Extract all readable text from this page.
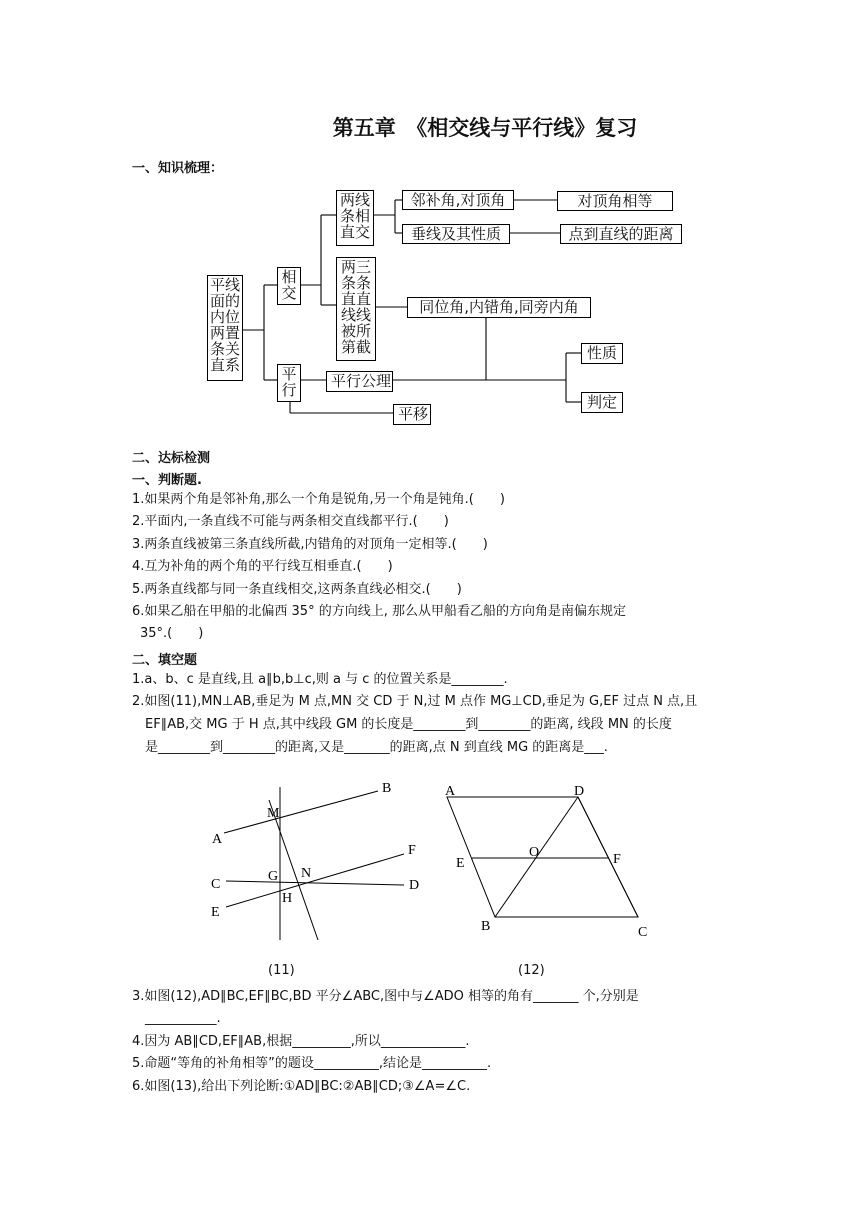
第五章　《相交线与平行线》复习
一、知识梳理：
平线面的内位两置条关直系
相交
平行
两线条相直交
两三条条直直线线被所第截
邻补角,对顶角	对顶角相等
垂线及其性质	点到直线的距离
同位角,内错角,同旁内角
性质
判定
平行公理
平移
二、达标检测
一、判断题.
1.如果两个角是邻补角,那么一个角是锐角,另一个角是钝角.(　　)
2.平面内,一条直线不可能与两条相交直线都平行.(　　)
3.两条直线被第三条直线所截,内错角的对顶角一定相等.(　　)
4.互为补角的两个角的平行线互相垂直.(　　)
5.两条直线都与同一条直线相交,这两条直线必相交.(　　)
6.如果乙船在甲船的北偏西 35° 的方向线上, 那么从甲船看乙船的方向角是南偏东规定
35°.(　　)
二、填空题
1.a、b、c 是直线,且 a∥b,b⊥c,则 a 与 c 的位置关系是________.
2.如图(11),MN⊥AB,垂足为 M 点,MN 交 CD 于 N,过 M 点作 MG⊥CD,垂足为 G,EF 过点 N 点,且
EF∥AB,交 MG 于 H 点,其中线段 GM 的长度是________到________的距离, 线段 MN 的长度
是________到________的距离,又是_______的距离,点 N 到直线 MG 的距离是___.
B
A
M
F
C
G N
D
E
H
(11)
A	D
E
O	F
B	C
(12)
3.如图(12),AD∥BC,EF∥BC,BD 平分∠ABC,图中与∠ADO 相等的角有_______ 个,分别是
___________.
4.因为 AB∥CD,EF∥AB,根据_________,所以_____________.
5.命题“等角的补角相等”的题设__________,结论是__________.
6.如图(13),给出下列论断:①AD∥BC:②AB∥CD;③∠A=∠C.
